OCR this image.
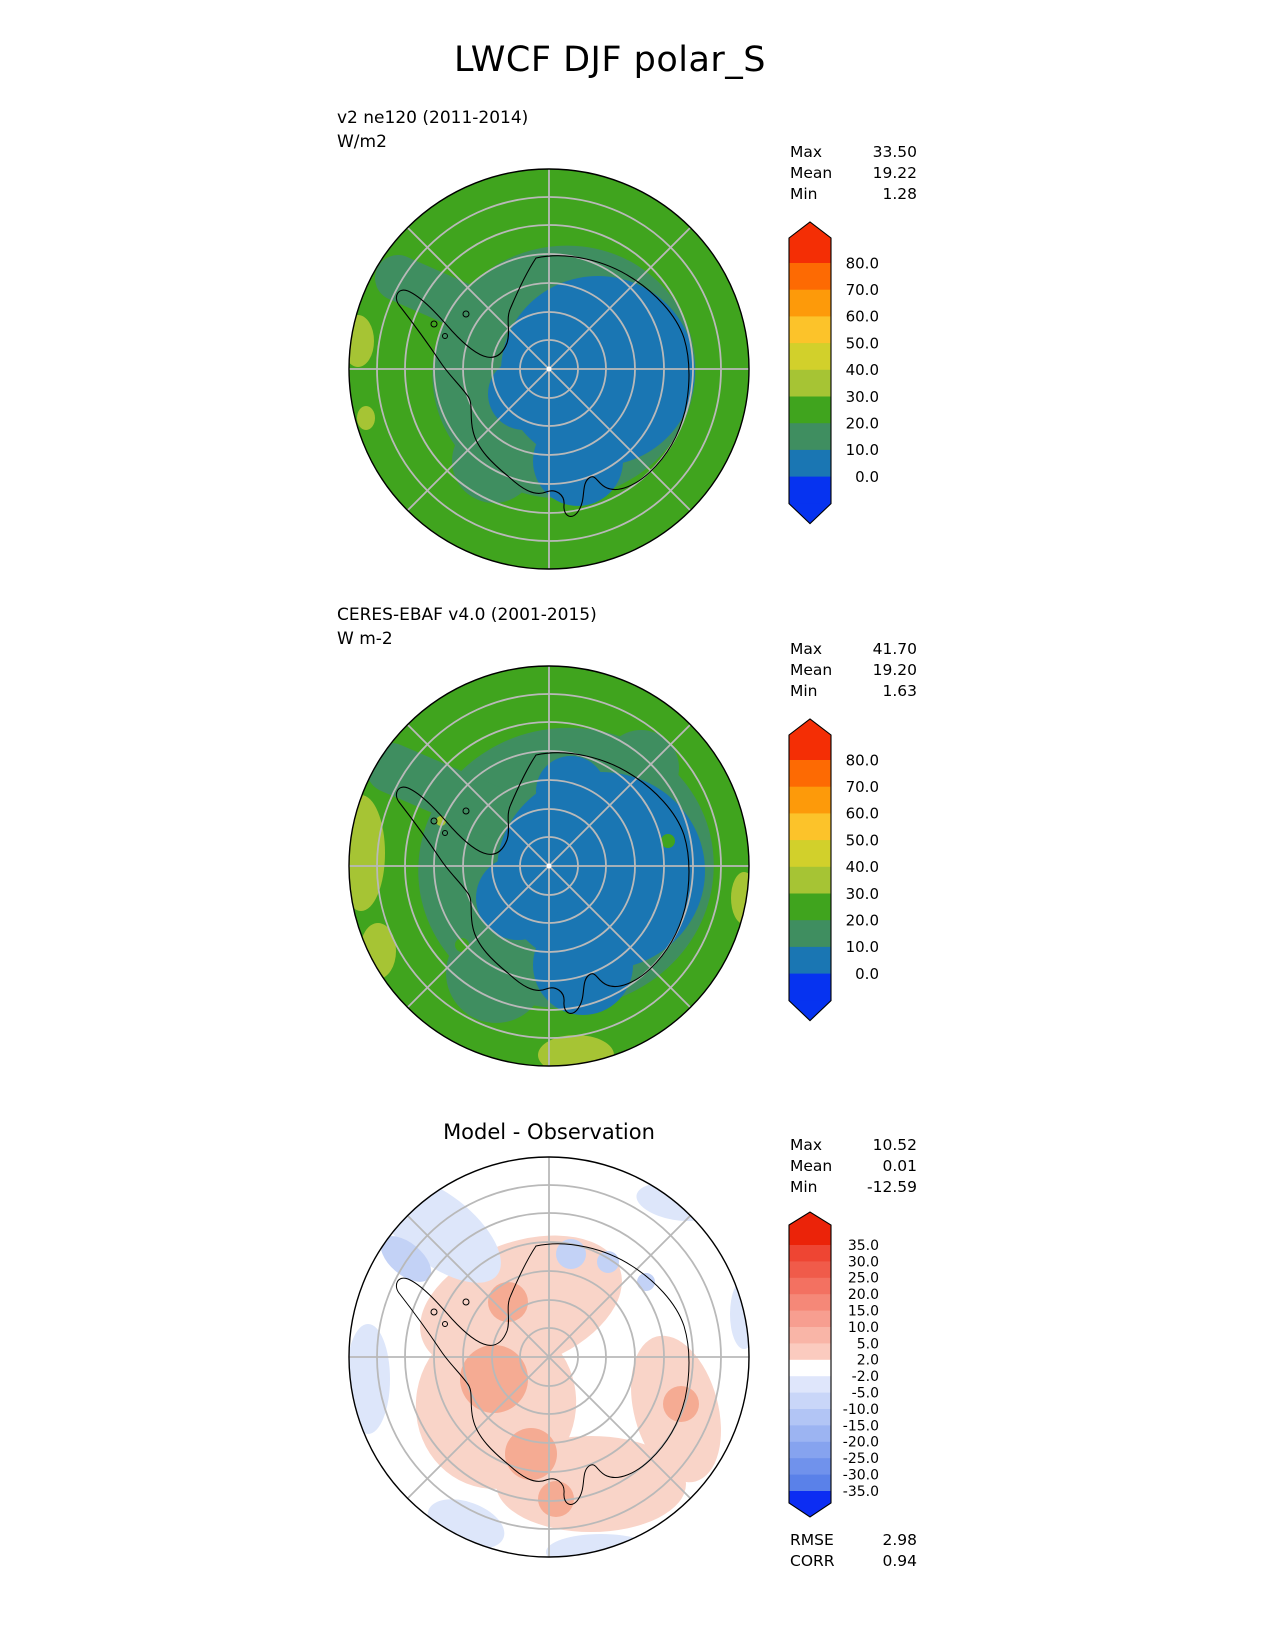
LWCF DJF polar_S
v2 ne120 (2011-2014)
W/m2	Max	33.50
Mean	19.22
Min	1.28
80.0
70.0
60.0
50.0
40.0
30.0
20.0
10.0
0.0
CERES-EBAF v4.0 (2001-2015)
W m-2	Max	41.70
Mean	19.20
Min	1.63
80.0
70.0
60.0
50.0
40.0
30.0
20.0
10.0
0.0
Model - Observation
Max	10.52
Mean	0.01
Min	-12.59
35.0
30.0
25.0
20.0
15.0
10.0
5.0
2.0
-2.0
-5.0
-10.0
-15.0
-20.0
-25.0
-30.0
-35.0
RMSE	2.98
CORR	0.94
